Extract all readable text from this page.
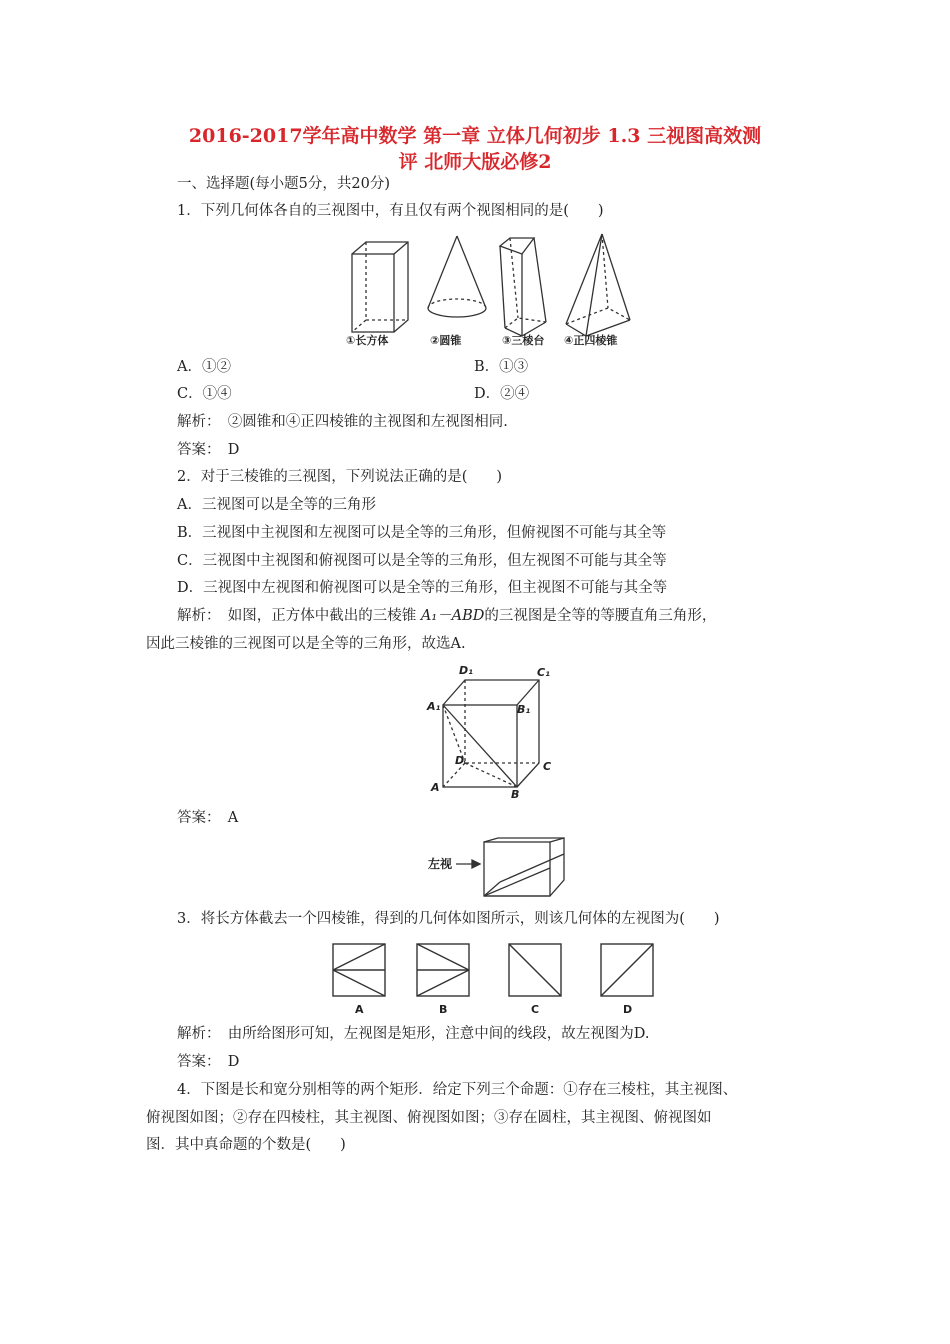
2016-2017学年高中数学 第一章 立体几何初步 1.3 三视图高效测
评 北师大版必修2
一、选择题(每小题5分，共20分)
1．下列几何体各自的三视图中，有且仅有两个视图相同的是(　　)
①长方体	②圆锥	③三棱台 ④正四棱锥
A．①②	B．①③
C．①④	D．②④
解析：　②圆锥和④正四棱锥的主视图和左视图相同.
答案：　D
2．对于三棱锥的三视图，下列说法正确的是(　　)
A．三视图可以是全等的三角形
B．三视图中主视图和左视图可以是全等的三角形，但俯视图不可能与其全等
C．三视图中主视图和俯视图可以是全等的三角形，但左视图不可能与其全等
D．三视图中左视图和俯视图可以是全等的三角形，但主视图不可能与其全等
解析：　如图，正方体中截出的三棱锥 A₁－ABD的三视图是全等的等腰直角三角形，
因此三棱锥的三视图可以是全等的三角形，故选A.
D₁	C₁
A₁	B₁
D	C
A
B
答案：　A
左视
3．将长方体截去一个四棱锥，得到的几何体如图所示，则该几何体的左视图为(　　)
A	B	C	D
解析：　由所给图形可知，左视图是矩形，注意中间的线段，故左视图为D.
答案：　D
4．下图是长和宽分别相等的两个矩形．给定下列三个命题：①存在三棱柱，其主视图、
俯视图如图；②存在四棱柱，其主视图、俯视图如图；③存在圆柱，其主视图、俯视图如
图．其中真命题的个数是(　　)
